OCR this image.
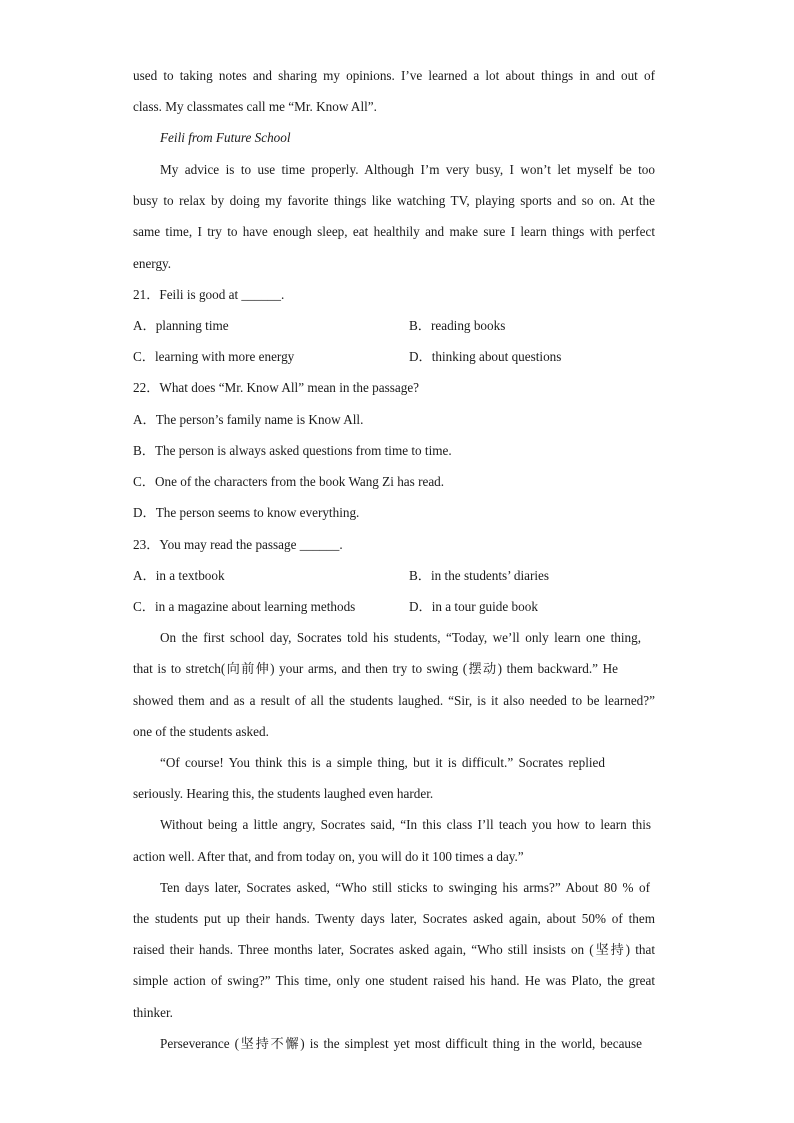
used to taking notes and sharing my opinions. I’ve learned a lot about things in and out of
class. My classmates call me “Mr. Know All”.
Feili from Future School
My advice is to use time properly. Although I’m very busy, I won’t let myself be too
busy to relax by doing my favorite things like watching TV, playing sports and so on. At the
same time, I try to have enough sleep, eat healthily and make sure I learn things with perfect
energy.
21．Feili is good at ______.
A．planning time	B．reading books
C．learning with more energy	D．thinking about questions
22．What does “Mr. Know All” mean in the passage?
A．The person’s family name is Know All.
B．The person is always asked questions from time to time.
C．One of the characters from the book Wang Zi has read.
D．The person seems to know everything.
23．You may read the passage ______.
A．in a textbook	B．in the students’ diaries
C．in a magazine about learning methods	D．in a tour guide book
On the first school day, Socrates told his students, “Today, we’ll only learn one thing,
that is to stretch(向前伸) your arms, and then try to swing (摆动) them backward.” He
showed them and as a result of all the students laughed. “Sir, is it also needed to be learned?”
one of the students asked.
“Of course! You think this is a simple thing, but it is difficult.” Socrates replied
seriously. Hearing this, the students laughed even harder.
Without being a little angry, Socrates said, “In this class I’ll teach you how to learn this
action well. After that, and from today on, you will do it 100 times a day.”
Ten days later, Socrates asked, “Who still sticks to swinging his arms?” About 80 % of
the students put up their hands. Twenty days later, Socrates asked again, about 50% of them
raised their hands. Three months later, Socrates asked again, “Who still insists on (坚持) that
simple action of swing?” This time, only one student raised his hand. He was Plato, the great
thinker.
Perseverance (坚持不懈) is the simplest yet most difficult thing in the world, because
